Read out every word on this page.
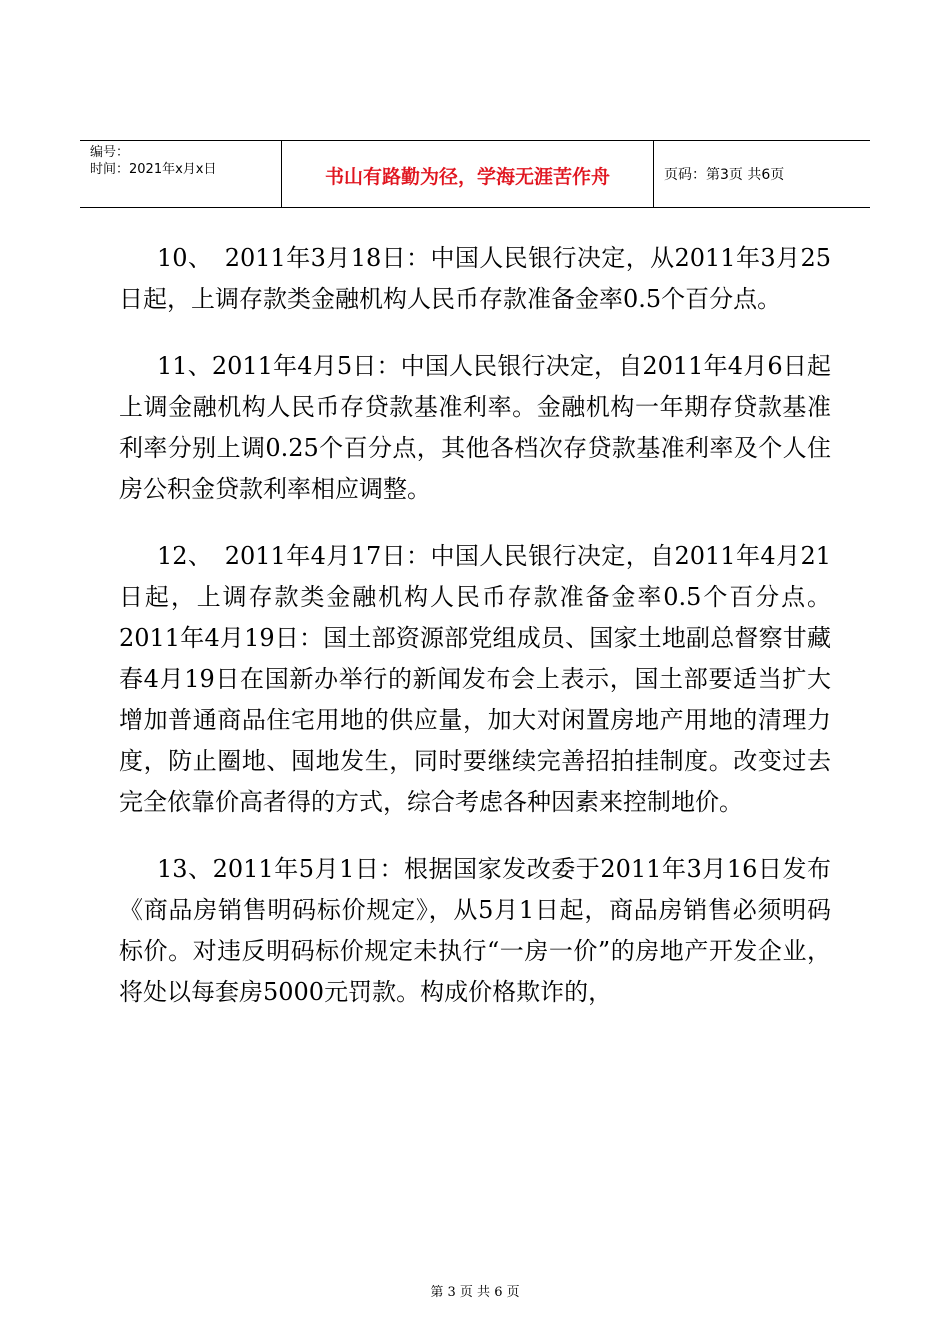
编号：
时间：2021年x月x日	书山有路勤为径，学海无涯苦作舟	页码：第3页 共6页

10、　2011年3月18日：中国人民银行决定，从2011年3月25日起，上调存款类金融机构人民币存款准备金率0.5个百分点。

11、2011年4月5日：中国人民银行决定，自2011年4月6日起上调金融机构人民币存贷款基准利率。金融机构一年期存贷款基准利率分别上调0.25个百分点，其他各档次存贷款基准利率及个人住房公积金贷款利率相应调整。

12、　2011年4月17日：中国人民银行决定，自2011年4月21日起，上调存款类金融机构人民币存款准备金率0.5个百分点。2011年4月19日：国土部资源部党组成员、国家土地副总督察甘藏春4月19日在国新办举行的新闻发布会上表示，国土部要适当扩大增加普通商品住宅用地的供应量，加大对闲置房地产用地的清理力度，防止圈地、囤地发生，同时要继续完善招拍挂制度。改变过去完全依靠价高者得的方式，综合考虑各种因素来控制地价。

13、2011年5月1日：根据国家发改委于2011年3月16日发布《商品房销售明码标价规定》，从5月1日起，商品房销售必须明码标价。对违反明码标价规定未执行“一房一价”的房地产开发企业，将处以每套房5000元罚款。构成价格欺诈的，

第 3 页 共 6 页
